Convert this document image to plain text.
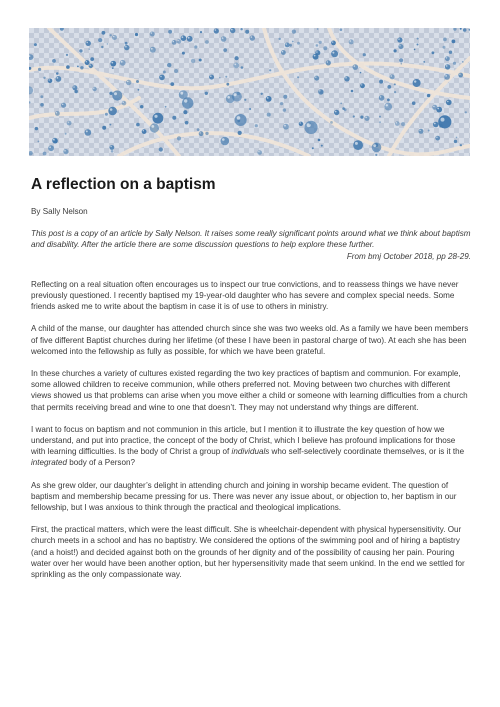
A reflection on a baptism

By Sally Nelson

This post is a copy of an article by Sally Nelson. It raises some really significant points around what we think about baptism and disability. After the article there are some discussion questions to help explore these further.

From bmj October 2018, pp 28-29.

Reflecting on a real situation often encourages us to inspect our true convictions, and to reassess things we have never previously questioned. I recently baptised my 19-year-old daughter who has severe and complex special needs. Some friends asked me to write about the baptism in case it is of use to others in ministry.

A child of the manse, our daughter has attended church since she was two weeks old. As a family we have been members of five different Baptist churches during her lifetime (of these I have been in pastoral charge of two). At each she has been welcomed into the fellowship as fully as possible, for which we have been grateful.

In these churches a variety of cultures existed regarding the two key practices of baptism and communion. For example, some allowed children to receive communion, while others preferred not. Moving between two churches with different views showed us that problems can arise when you move either a child or someone with learning difficulties from a church that permits receiving bread and wine to one that doesn’t. They may not understand why things are different.

I want to focus on baptism and not communion in this article, but I mention it to illustrate the key question of how we understand, and put into practice, the concept of the body of Christ, which I believe has profound implications for those with learning difficulties. Is the body of Christ a group of individuals who self-selectively coordinate themselves, or is it the integrated body of a Person?

As she grew older, our daughter’s delight in attending church and joining in worship became evident. The question of baptism and membership became pressing for us. There was never any issue about, or objection to, her baptism in our fellowship, but I was anxious to think through the practical and theological implications.

First, the practical matters, which were the least difficult. She is wheelchair-dependent with physical hypersensitivity. Our church meets in a school and has no baptistry. We considered the options of the swimming pool and of hiring a baptistry (and a hoist!) and decided against both on the grounds of her dignity and of the possibility of causing her pain. Pouring water over her would have been another option, but her hypersensitivity made that seem unkind. In the end we settled for sprinkling as the only compassionate way.
